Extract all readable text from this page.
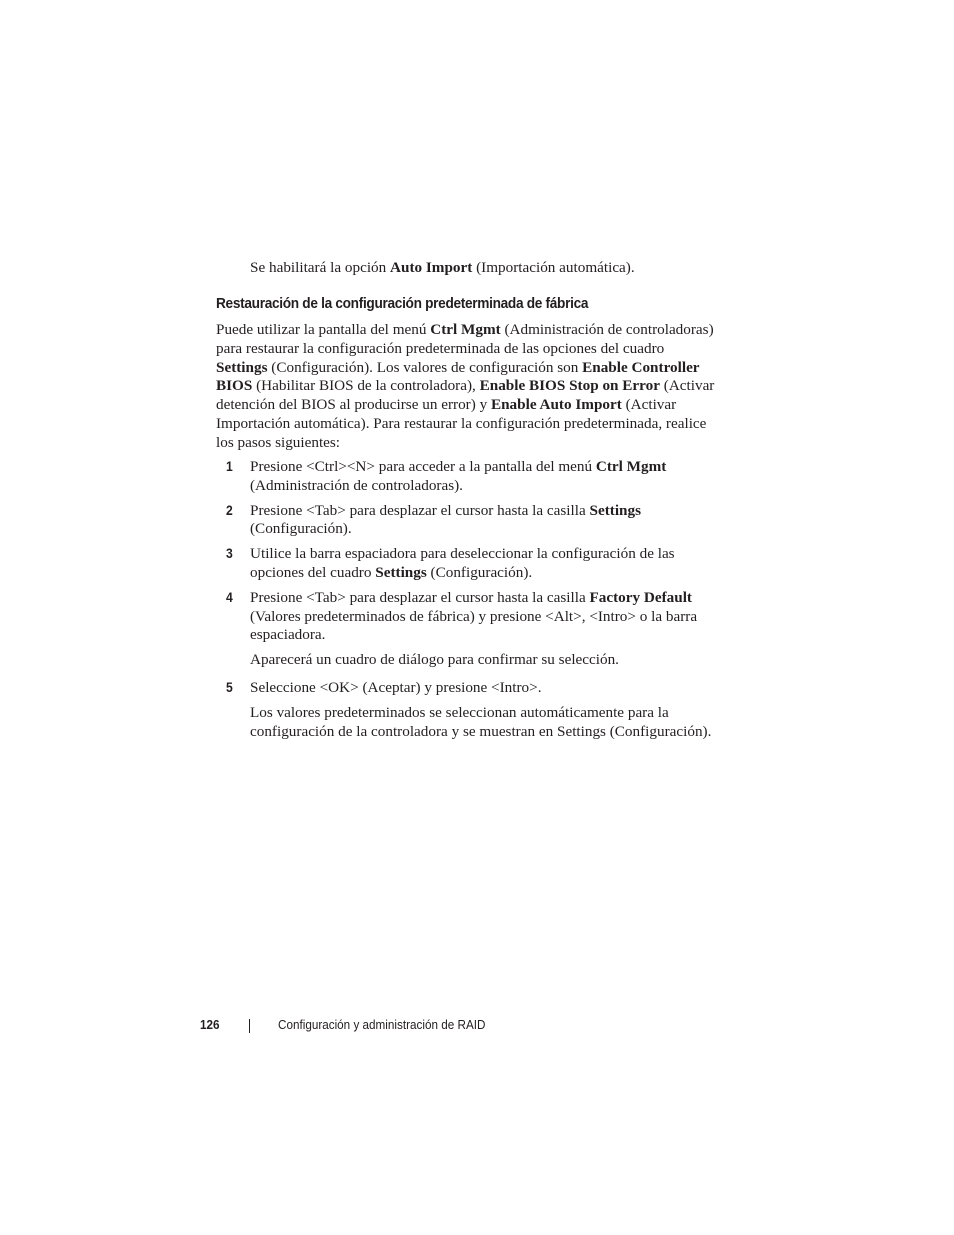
Se habilitará la opción Auto Import (Importación automática).

Restauración de la configuración predeterminada de fábrica

Puede utilizar la pantalla del menú Ctrl Mgmt (Administración de controladoras) para restaurar la configuración predeterminada de las opciones del cuadro Settings (Configuración). Los valores de configuración son Enable Controller BIOS (Habilitar BIOS de la controladora), Enable BIOS Stop on Error (Activar detención del BIOS al producirse un error) y Enable Auto Import (Activar Importación automática). Para restaurar la configuración predeterminada, realice los pasos siguientes:

1 Presione <Ctrl><N> para acceder a la pantalla del menú Ctrl Mgmt (Administración de controladoras).
2 Presione <Tab> para desplazar el cursor hasta la casilla Settings (Configuración).
3 Utilice la barra espaciadora para deseleccionar la configuración de las opciones del cuadro Settings (Configuración).
4 Presione <Tab> para desplazar el cursor hasta la casilla Factory Default (Valores predeterminados de fábrica) y presione <Alt>, <Intro> o la barra espaciadora.
Aparecerá un cuadro de diálogo para confirmar su selección.
5 Seleccione <OK> (Aceptar) y presione <Intro>.
Los valores predeterminados se seleccionan automáticamente para la configuración de la controladora y se muestran en Settings (Configuración).
126	Configuración y administración de RAID
